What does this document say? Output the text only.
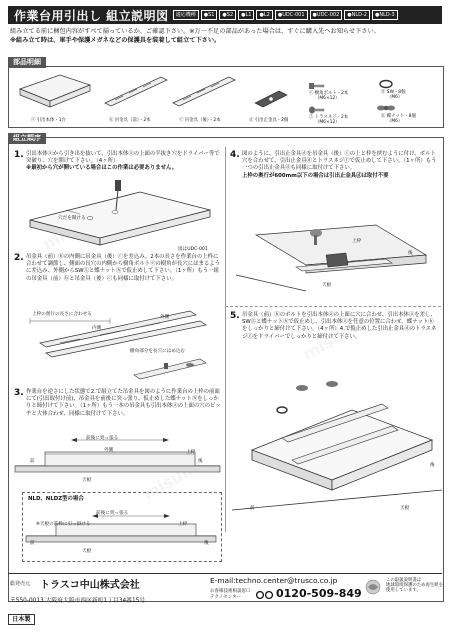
作業台用引出し 組立説明図	適応機種	●S1	●S2	●L1	●L2	●UDC-001	●UDC-002	●NLD-2	●NLD-3
組み立てる前に梱包内容がすべて揃っているか、ご確認下さい。※万一不足の部品があった場合は、すぐに購入先へお知らせ下さい。
※組み立て時は、軍手や保護メガネなどの保護具を装着して組立て下さい。
部品明細
ⓐ 引出本体・1台	ⓑ 吊金具（前）・2本	ⓒ 吊金具（後）・2本	ⓓ 引出止金具・2個
ⓔ 樹角ボルト・2本
（M6×12）
ⓕ トラスネジ・2本
（M6×12）
ⓖ SW・8個
（M6）
ⓗ 蝶ナット・8個
（M6）
組立順序
1. 引出本体ⓐから引き出を抜いて、引出本体ⓐの上面の半抜き穴をドライバー等で突破り、穴を開けて下さい。（4ヶ所）
※最初から穴が開いている場合はこの作業は必要ありません。
穴だを開ける
図はUDC-001
2. 吊金具（前）ⓑの内側に吊金具（後）ⓒを差込み、2本の長さを作業台の上枠に合わせて調節し、側面の長穴の内側から樹角ボルトⓔの樹角が長穴にはまるように差込み、外側からSWⓖと蝶ナットⓗで仮止めして下さい。（1ヶ所）もう一組の吊金具（前）ⓑと吊金具（後）ⓒも同様に取付けて下さい。
上枠の奥行の長さに合わせる
外側
内側
樹角部分を長穴にはめ込む
3. 作業台を逆さにした状態で2.で組立てた吊金具を図のように作業台の上枠の前面にて(引出取付け前)、吊金具を前後に突っ張り、仮止めした蝶ナットⓗをしっかりと締付けて下さい。（1ヶ所）もう一本の吊金具も引出本体ⓐの上面の穴のピッチと大体合わせ、同様に取付けて下さい。
前後に突っ張る
外側	上枠
前	後
天板
NLD、NLDZ型の場合
前後に突っ張る
※天板の前枠に引っ掛ける	上枠
前	後
天板
4. 図のように、引出止金具ⓓを吊金具（後）ⓒの上と枠を挟むように付け、ボルト穴を合わせて、引出止金具ⓓとトラスネジⓕで仮止めして下さい。（1ヶ所）もう一つの引出止金具ⓓも同様に取付けて下さい。
上枠の奥行が600mm以下の場合は引出止金具ⓓは取付不要
上枠
後
天板
5. 吊金具（前）ⓑのボルトを引出本体ⓐの上面に穴に合わせ、引出本体ⓐを差し、SWⓖと蝶ナットⓗで仮止めし、引出本体ⓐを任意の位置に合わせ、蝶ナットⓗをしっかりと締付けて下さい。（4ヶ所）4.で仮止めした引出止金具ⓓのトラスネジⓕをドライバーでしっかりと締付けて下さい。
前
後
天板
総発売元 トラスコ中山株式会社
〒550-0013 大阪府大阪市西区新町1丁目34番15号
E-mail:techno.center@trusco.co.jp
お客様技術相談窓口
テクノセンター	0120-509-849
この取扱説明書は
地球環境保護のため再生紙を
使用しています。
日本製
